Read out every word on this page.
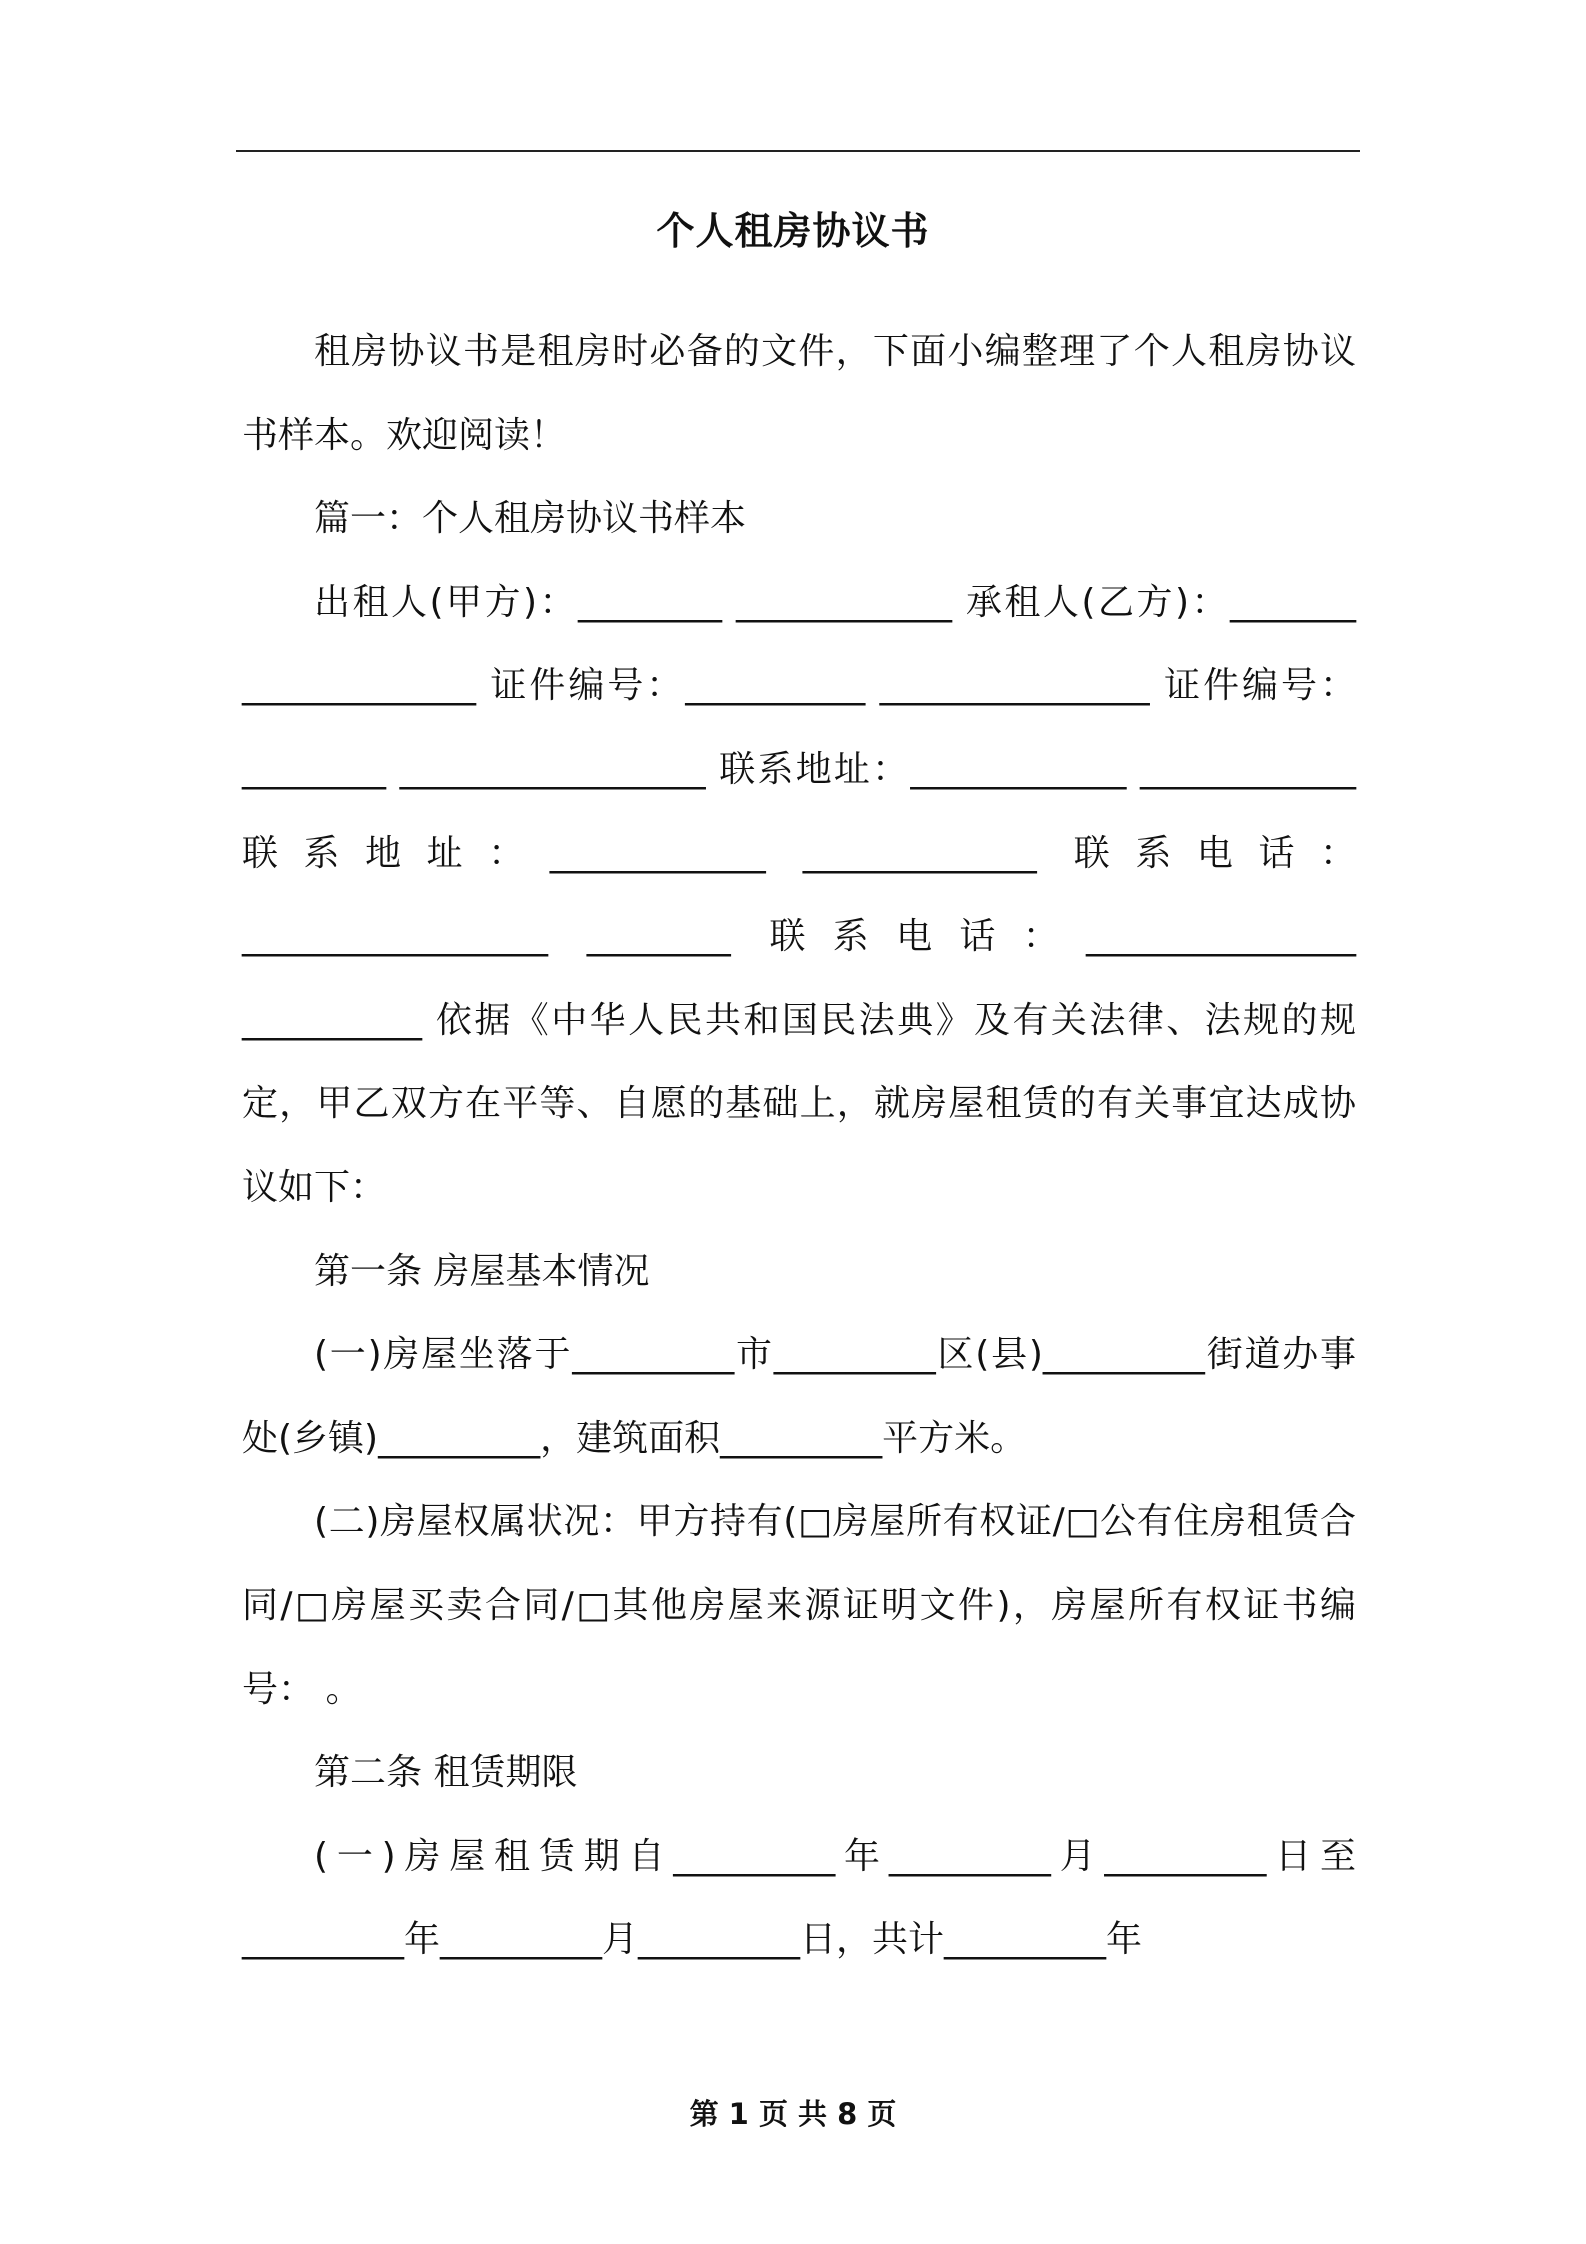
个人租房协议书

租房协议书是租房时必备的文件，下面小编整理了个人租房协议书样本。欢迎阅读！

篇一：个人租房协议书样本

出租人(甲方)：________ ____________ 承租人(乙方)：_______ _____________ 证件编号：__________ _______________ 证件编号：________ _________________ 联系地址：____________ ____________ 联系地址：____________ _____________ 联系电话：_________________ ________ 联系电话：_______________ __________ 依据《中华人民共和国民法典》及有关法律、法规的规定，甲乙双方在平等、自愿的基础上，就房屋租赁的有关事宜达成协议如下：

第一条 房屋基本情况

(一)房屋坐落于_________市_________区(县)_________街道办事处(乡镇)_________，建筑面积_________平方米。

(二)房屋权属状况：甲方持有(□房屋所有权证/□公有住房租赁合同/□房屋买卖合同/□其他房屋来源证明文件)，房屋所有权证书编号： 。

第二条 租赁期限

(一)房屋租赁期自_________年_________月_________日至_________年_________月_________日，共计_________年

第 1 页 共 8 页
